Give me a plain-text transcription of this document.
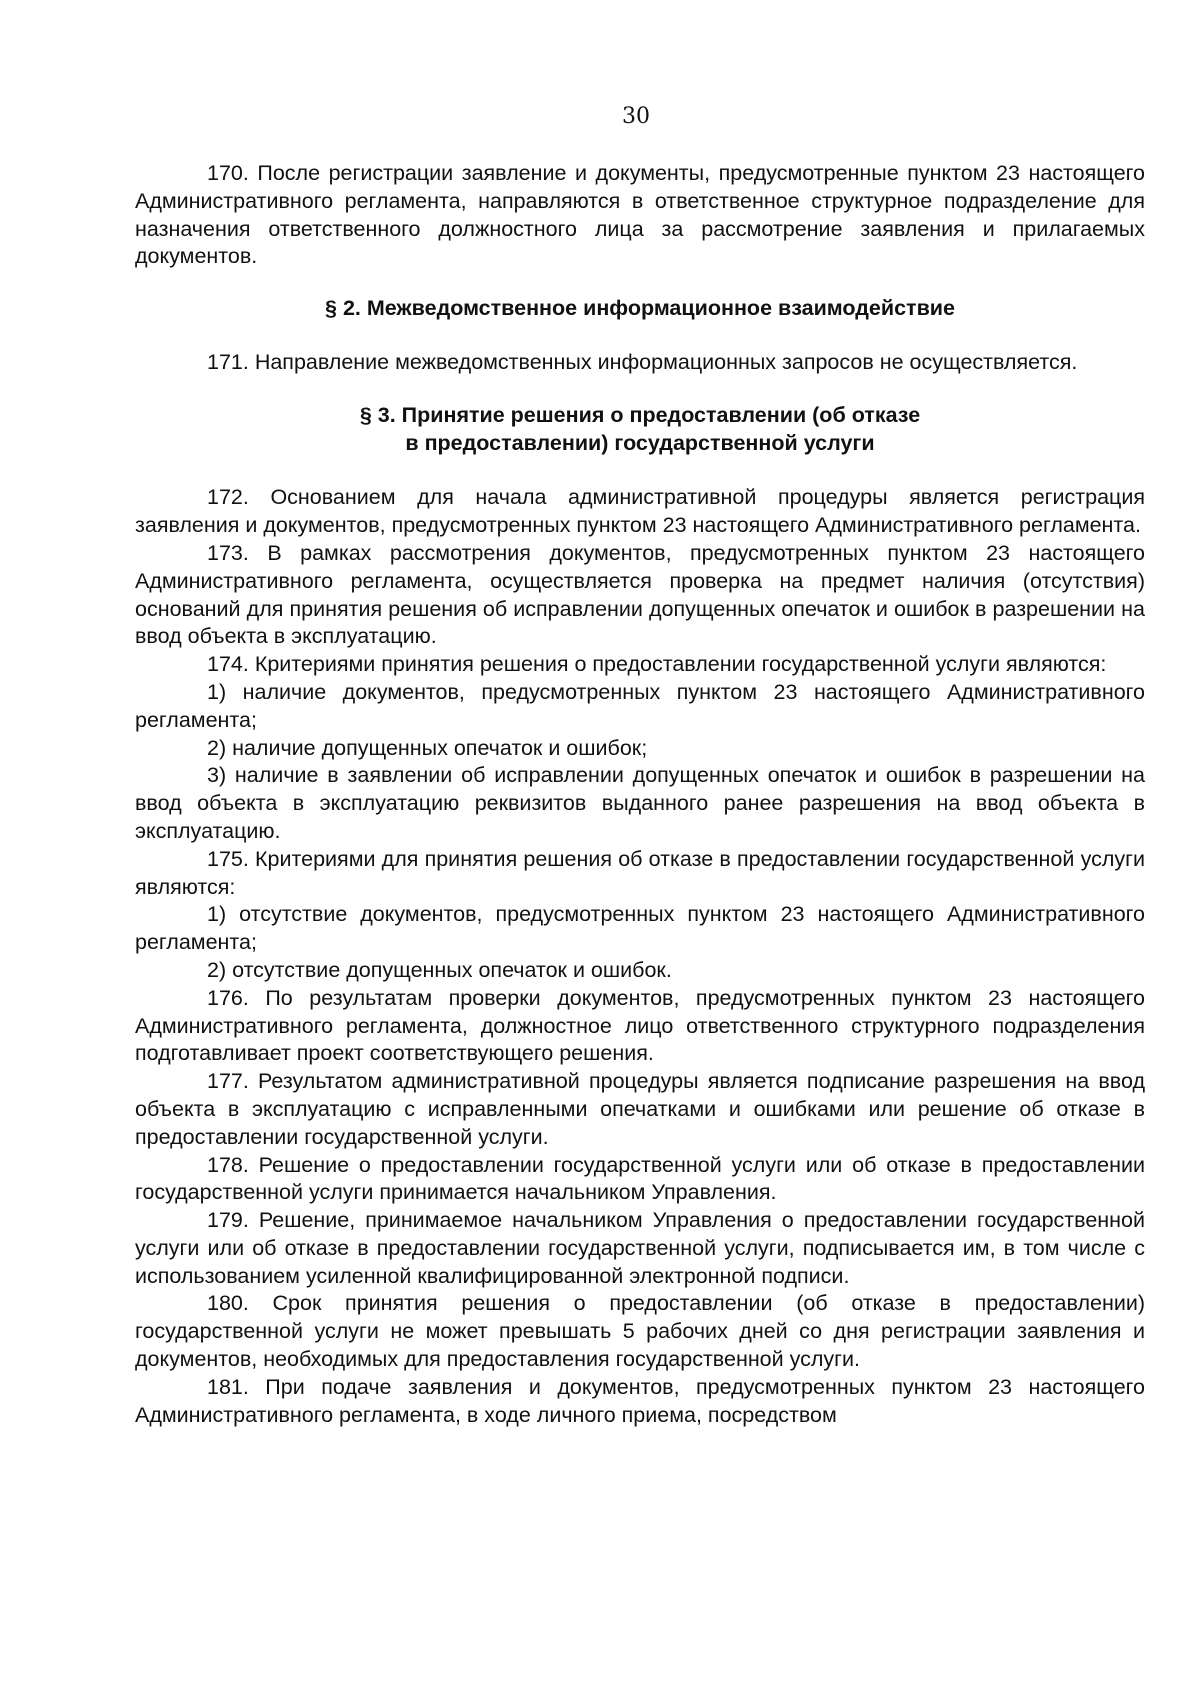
30

170. После регистрации заявление и документы, предусмотренные пунктом 23 настоящего Административного регламента, направляются в ответственное структурное подразделение для назначения ответственного должностного лица за рассмотрение заявления и прилагаемых документов.

§ 2. Межведомственное информационное взаимодействие

171. Направление межведомственных информационных запросов не осуществляется.

§ 3. Принятие решения о предоставлении (об отказе
в предоставлении) государственной услуги

172. Основанием для начала административной процедуры является регистрация заявления и документов, предусмотренных пунктом 23 настоящего Административного регламента.

173. В рамках рассмотрения документов, предусмотренных пунктом 23 настоящего Административного регламента, осуществляется проверка на предмет наличия (отсутствия) оснований для принятия решения об исправлении допущенных опечаток и ошибок в разрешении на ввод объекта в эксплуатацию.

174. Критериями принятия решения о предоставлении государственной услуги являются:

1) наличие документов, предусмотренных пунктом 23 настоящего Административного регламента;

2) наличие допущенных опечаток и ошибок;

3) наличие в заявлении об исправлении допущенных опечаток и ошибок в разрешении на ввод объекта в эксплуатацию реквизитов выданного ранее разрешения на ввод объекта в эксплуатацию.

175. Критериями для принятия решения об отказе в предоставлении государственной услуги являются:

1) отсутствие документов, предусмотренных пунктом 23 настоящего Административного регламента;

2) отсутствие допущенных опечаток и ошибок.

176. По результатам проверки документов, предусмотренных пунктом 23 настоящего Административного регламента, должностное лицо ответственного структурного подразделения подготавливает проект соответствующего решения.

177. Результатом административной процедуры является подписание разрешения на ввод объекта в эксплуатацию с исправленными опечатками и ошибками или решение об отказе в предоставлении государственной услуги.

178. Решение о предоставлении государственной услуги или об отказе в предоставлении государственной услуги принимается начальником Управления.

179. Решение, принимаемое начальником Управления о предоставлении государственной услуги или об отказе в предоставлении государственной услуги, подписывается им, в том числе с использованием усиленной квалифицированной электронной подписи.

180. Срок принятия решения о предоставлении (об отказе в предоставлении) государственной услуги не может превышать 5 рабочих дней со дня регистрации заявления и документов, необходимых для предоставления государственной услуги.

181. При подаче заявления и документов, предусмотренных пунктом 23 настоящего Административного регламента, в ходе личного приема, посредством
